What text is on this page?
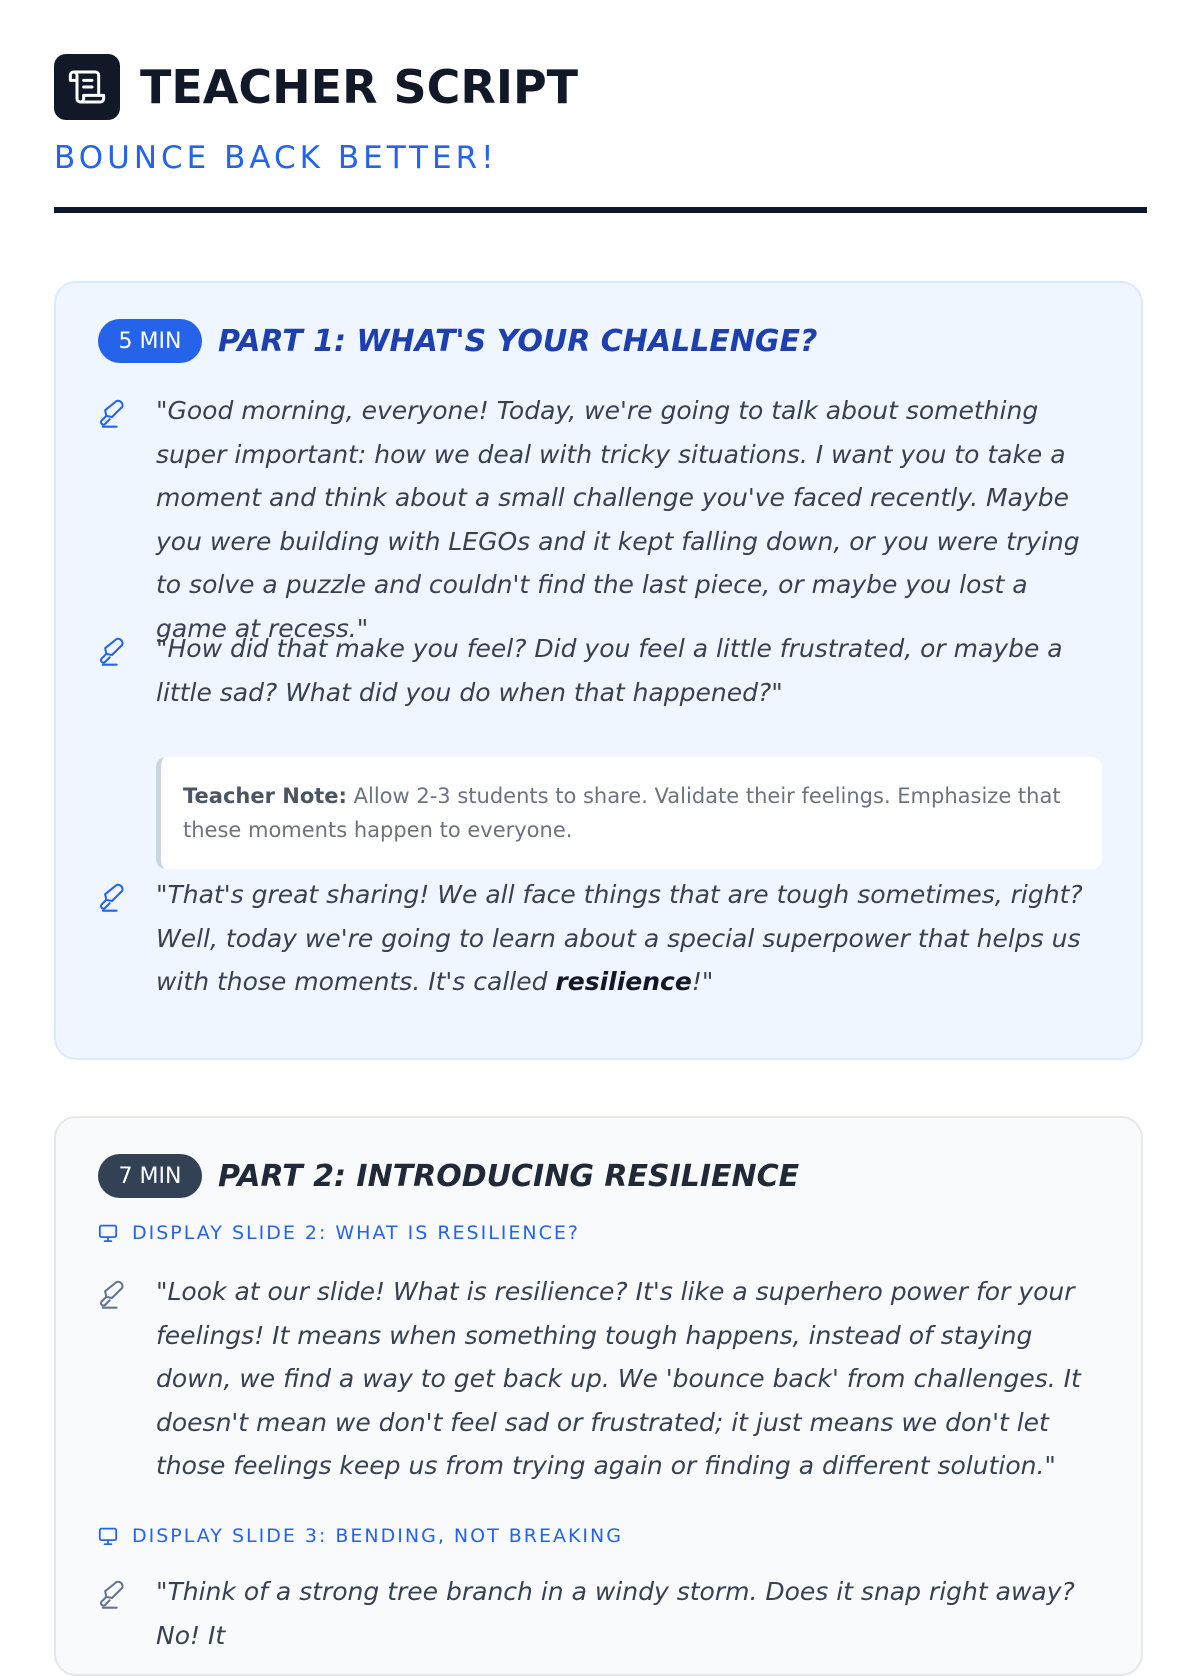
TEACHER SCRIPT
BOUNCE BACK BETTER!
5 MIN	PART 1: WHAT'S YOUR CHALLENGE?
"Good morning, everyone! Today, we're going to talk about something super important: how we deal with tricky situations. I want you to take a moment and think about a small challenge you've faced recently. Maybe you were building with LEGOs and it kept falling down, or you were trying to solve a puzzle and couldn't find the last piece, or maybe you lost a game at recess."
"How did that make you feel? Did you feel a little frustrated, or maybe a little sad? What did you do when that happened?"
Teacher Note: Allow 2-3 students to share. Validate their feelings. Emphasize that these moments happen to everyone.
"That's great sharing! We all face things that are tough sometimes, right? Well, today we're going to learn about a special superpower that helps us with those moments. It's called resilience!"
7 MIN	PART 2: INTRODUCING RESILIENCE
DISPLAY SLIDE 2: WHAT IS RESILIENCE?
"Look at our slide! What is resilience? It's like a superhero power for your feelings! It means when something tough happens, instead of staying down, we find a way to get back up. We 'bounce back' from challenges. It doesn't mean we don't feel sad or frustrated; it just means we don't let those feelings keep us from trying again or finding a different solution."
DISPLAY SLIDE 3: BENDING, NOT BREAKING
"Think of a strong tree branch in a windy storm. Does it snap right away? No! It
